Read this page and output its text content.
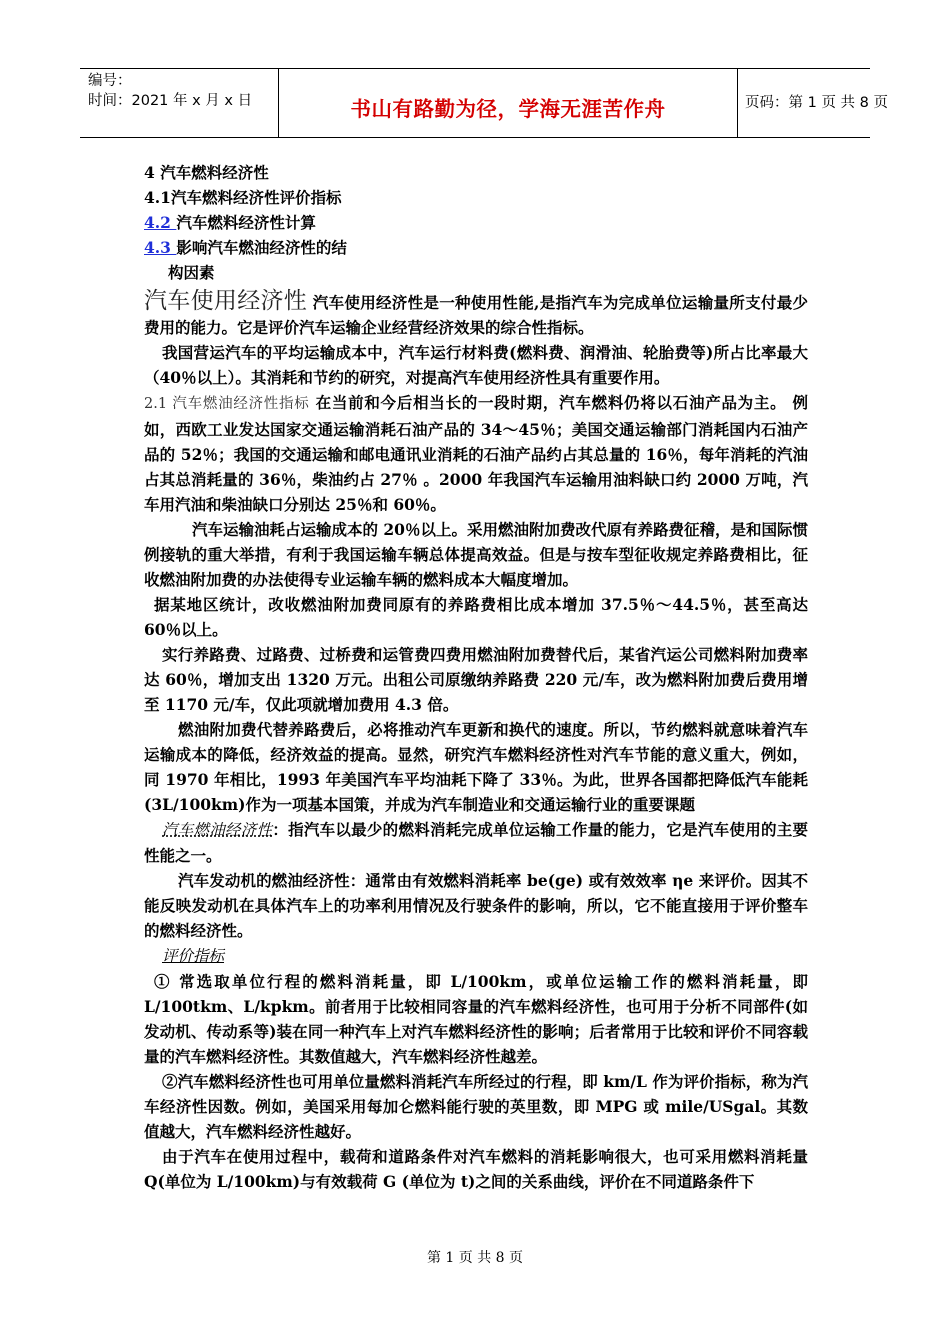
编号：
时间：2021 年 x 月 x 日	书山有路勤为径，学海无涯苦作舟	页码：第 1 页 共 8 页
4 汽车燃料经济性
4.1汽车燃料经济性评价指标
4.2 汽车燃料经济性计算
4.3 影响汽车燃油经济性的结
构因素

汽车使用经济性 汽车使用经济性是一种使用性能,是指汽车为完成单位运输量所支付最少费用的能力。它是评价汽车运输企业经营经济效果的综合性指标。

我国营运汽车的平均运输成本中，汽车运行材料费(燃料费、润滑油、轮胎费等)所占比率最大（40％以上）。其消耗和节约的研究，对提高汽车使用经济性具有重要作用。

2.1 汽车燃油经济性指标 在当前和今后相当长的一段时期，汽车燃料仍将以石油产品为主。 例如，西欧工业发达国家交通运输消耗石油产品的 34～45％；美国交通运输部门消耗国内石油产品的 52％；我国的交通运输和邮电通讯业消耗的石油产品约占其总量的 16％，每年消耗的汽油占其总消耗量的 36％，柴油约占 27％ 。2000 年我国汽车运输用油料缺口约 2000 万吨，汽车用汽油和柴油缺口分别达 25％和 60％。

汽车运输油耗占运输成本的 20％以上。采用燃油附加费改代原有养路费征稽，是和国际惯例接轨的重大举措，有利于我国运输车辆总体提高效益。但是与按车型征收规定养路费相比，征收燃油附加费的办法使得专业运输车辆的燃料成本大幅度增加。

据某地区统计，改收燃油附加费同原有的养路费相比成本增加 37.5％～44.5％，甚至高达 60％以上。

实行养路费、过路费、过桥费和运管费四费用燃油附加费替代后，某省汽运公司燃料附加费率达 60％，增加支出 1320 万元。出租公司原缴纳养路费 220 元/车，改为燃料附加费后费用增至 1170 元/车，仅此项就增加费用 4.3 倍。

燃油附加费代替养路费后，必将推动汽车更新和换代的速度。所以，节约燃料就意味着汽车运输成本的降低，经济效益的提高。显然，研究汽车燃料经济性对汽车节能的意义重大，例如，同 1970 年相比，1993 年美国汽车平均油耗下降了 33％。为此，世界各国都把降低汽车能耗(3L/100km)作为一项基本国策，并成为汽车制造业和交通运输行业的重要课题

汽车燃油经济性：指汽车以最少的燃料消耗完成单位运输工作量的能力，它是汽车使用的主要性能之一。

汽车发动机的燃油经济性：通常由有效燃料消耗率 be(ge) 或有效效率 ηe 来评价。因其不能反映发动机在具体汽车上的功率利用情况及行驶条件的影响，所以，它不能直接用于评价整车的燃料经济性。

评价指标

① 常选取单位行程的燃料消耗量，即 L/100km，或单位运输工作的燃料消耗量，即 L/100tkm、L/kpkm。前者用于比较相同容量的汽车燃料经济性，也可用于分析不同部件(如发动机、传动系等)装在同一种汽车上对汽车燃料经济性的影响；后者常用于比较和评价不同容载量的汽车燃料经济性。其数值越大，汽车燃料经济性越差。

②汽车燃料经济性也可用单位量燃料消耗汽车所经过的行程，即 km/L 作为评价指标，称为汽车经济性因数。例如，美国采用每加仑燃料能行驶的英里数，即 MPG 或 mile/USgal。其数值越大，汽车燃料经济性越好。

由于汽车在使用过程中，载荷和道路条件对汽车燃料的消耗影响很大，也可采用燃料消耗量 Q(单位为 L/100km)与有效载荷 G (单位为 t)之间的关系曲线，评价在不同道路条件下

第 1 页 共 8 页
